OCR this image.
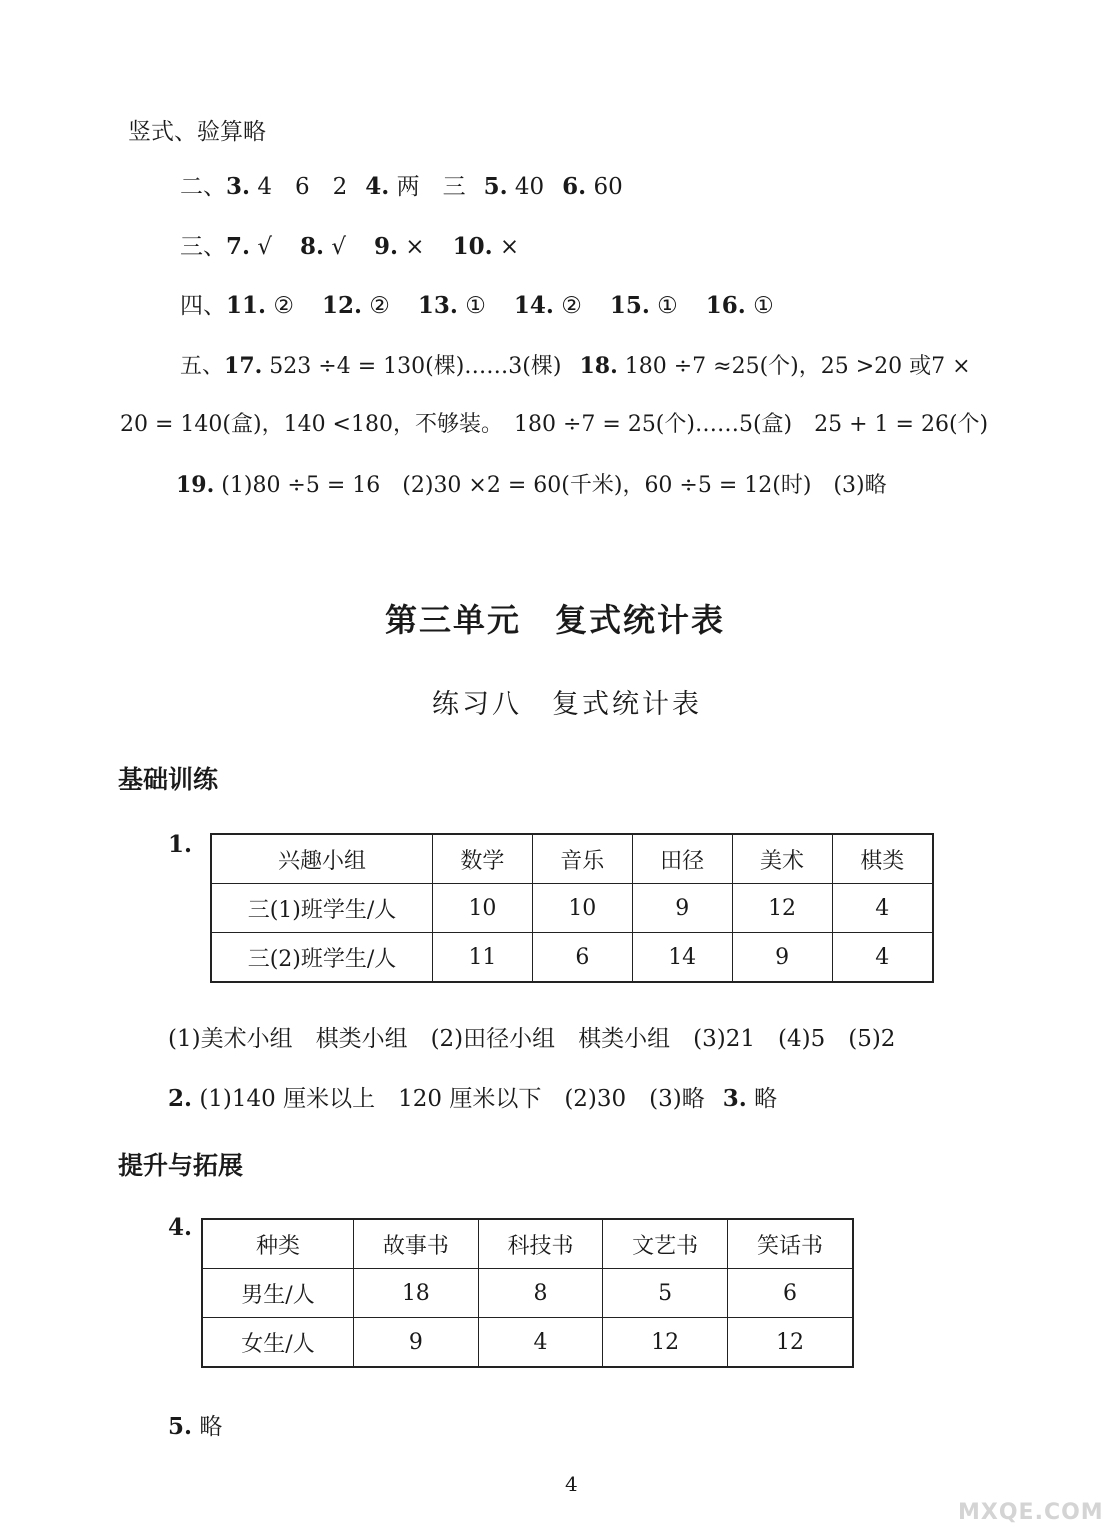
竖式、验算略
二、3. 4　6　2 4. 两　三 5. 40 6. 60
三、7. √ 8. √ 9. × 10. ×
四、11. ② 12. ② 13. ① 14. ② 15. ① 16. ①
五、17. 523 ÷4 = 130(棵)……3(棵) 18. 180 ÷7 ≈25(个)，25 >20 或7 ×
20 = 140(盒)，140 <180，不够装。　180 ÷7 = 25(个)……5(盒)　25 + 1 = 26(个)
19. (1)80 ÷5 = 16　(2)30 ×2 = 60(千米)，60 ÷5 = 12(时)　(3)略
第三单元　复式统计表
练习八　复式统计表
基础训练
1.
兴趣小组	数学	音乐	田径	美术	棋类
三(1)班学生/人	10	10	9	12	4
三(2)班学生/人	11	6	14	9	4
(1)美术小组　棋类小组　(2)田径小组　棋类小组　(3)21　(4)5　(5)2
2. (1)140 厘米以上　120 厘米以下　(2)30　(3)略 3. 略
提升与拓展
4.
种类	故事书	科技书	文艺书	笑话书
男生/人	18	8	5	6
女生/人	9	4	12	12
5. 略
4
MXQE.COM
